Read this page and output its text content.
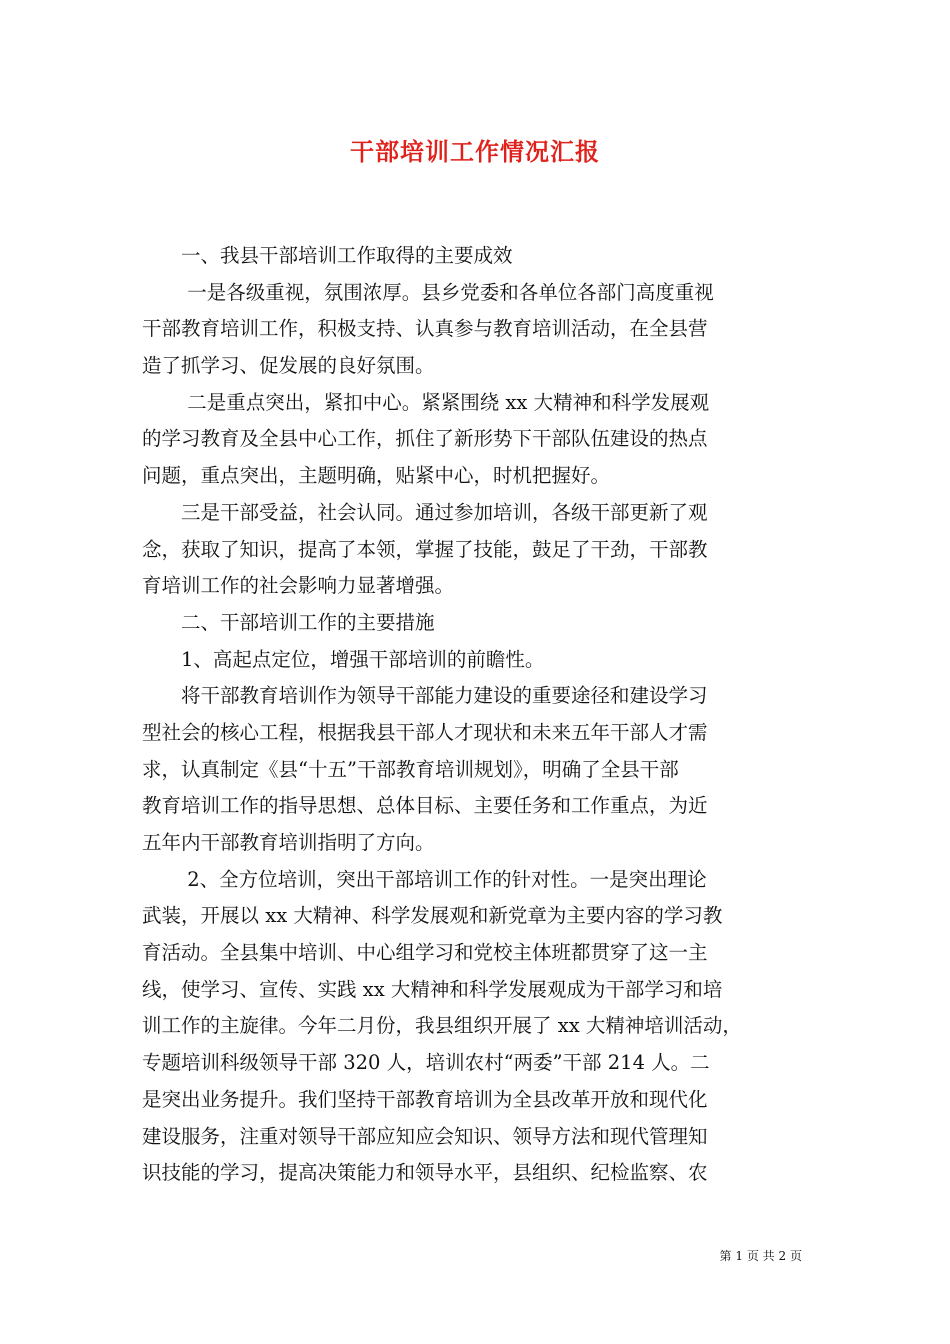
干部培训工作情况汇报
　　一、我县干部培训工作取得的主要成效
　　 一是各级重视，氛围浓厚。县乡党委和各单位各部门高度重视
干部教育培训工作，积极支持、认真参与教育培训活动，在全县营
造了抓学习、促发展的良好氛围。
　　 二是重点突出，紧扣中心。紧紧围绕 xx 大精神和科学发展观
的学习教育及全县中心工作，抓住了新形势下干部队伍建设的热点
问题，重点突出，主题明确，贴紧中心，时机把握好。
　　三是干部受益，社会认同。通过参加培训，各级干部更新了观
念，获取了知识，提高了本领，掌握了技能，鼓足了干劲，干部教
育培训工作的社会影响力显著增强。
　　二、干部培训工作的主要措施
　　1、高起点定位，增强干部培训的前瞻性。
　　将干部教育培训作为领导干部能力建设的重要途径和建设学习
型社会的核心工程，根据我县干部人才现状和未来五年干部人才需
求，认真制定《县“十五”干部教育培训规划》，明确了全县干部
教育培训工作的指导思想、总体目标、主要任务和工作重点，为近
五年内干部教育培训指明了方向。
　　 2、全方位培训，突出干部培训工作的针对性。一是突出理论
武装，开展以 xx 大精神、科学发展观和新党章为主要内容的学习教
育活动。全县集中培训、中心组学习和党校主体班都贯穿了这一主
线，使学习、宣传、实践 xx 大精神和科学发展观成为干部学习和培
训工作的主旋律。今年二月份，我县组织开展了 xx 大精神培训活动，
专题培训科级领导干部 320 人，培训农村“两委”干部 214 人。二
是突出业务提升。我们坚持干部教育培训为全县改革开放和现代化
建设服务，注重对领导干部应知应会知识、领导方法和现代管理知
识技能的学习，提高决策能力和领导水平，县组织、纪检监察、农
第 1 页 共 2 页
